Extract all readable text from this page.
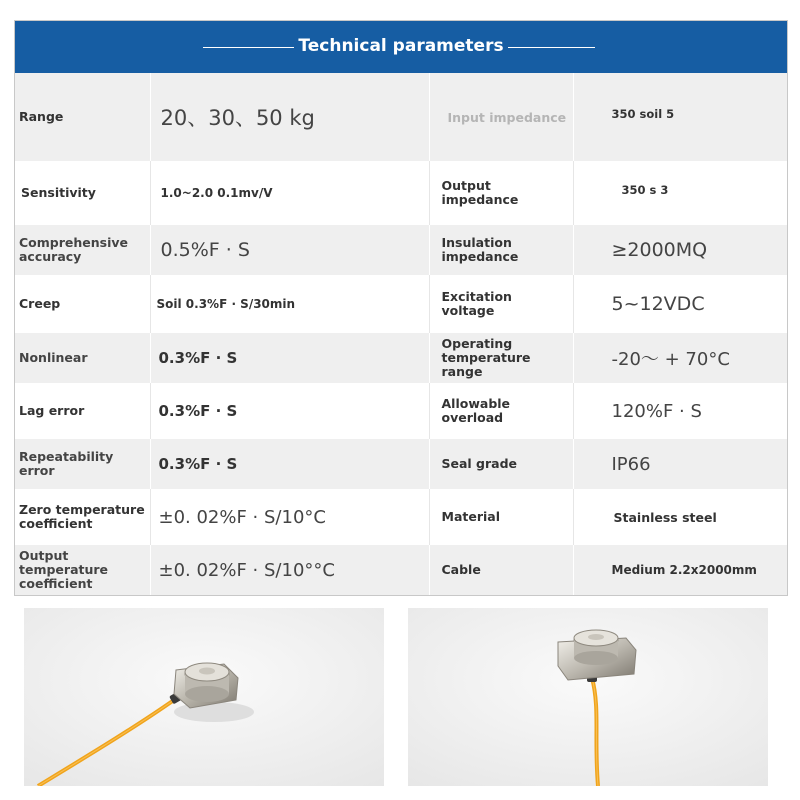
Technical parameters
Range	20、30、50 kg	Input impedance	350 soil 5
Sensitivity	1.0~2.0 0.1mv/V	Output impedance	350 s 3
Comprehensive accuracy	0.5%F · S	Insulation impedance	≥2000MQ
Creep	Soil 0.3%F · S/30min	Excitation voltage	5~12VDC
Nonlinear	0.3%F · S	Operating temperature range	-20～ + 70°C
Lag error	0.3%F · S	Allowable overload	120%F · S
Repeatability error	0.3%F · S	Seal grade	IP66
Zero temperature coefficient	±0. 02%F · S/10°C	Material	Stainless steel
Output temperature coefficient	±0. 02%F · S/10°°C	Cable	Medium 2.2x2000mm
